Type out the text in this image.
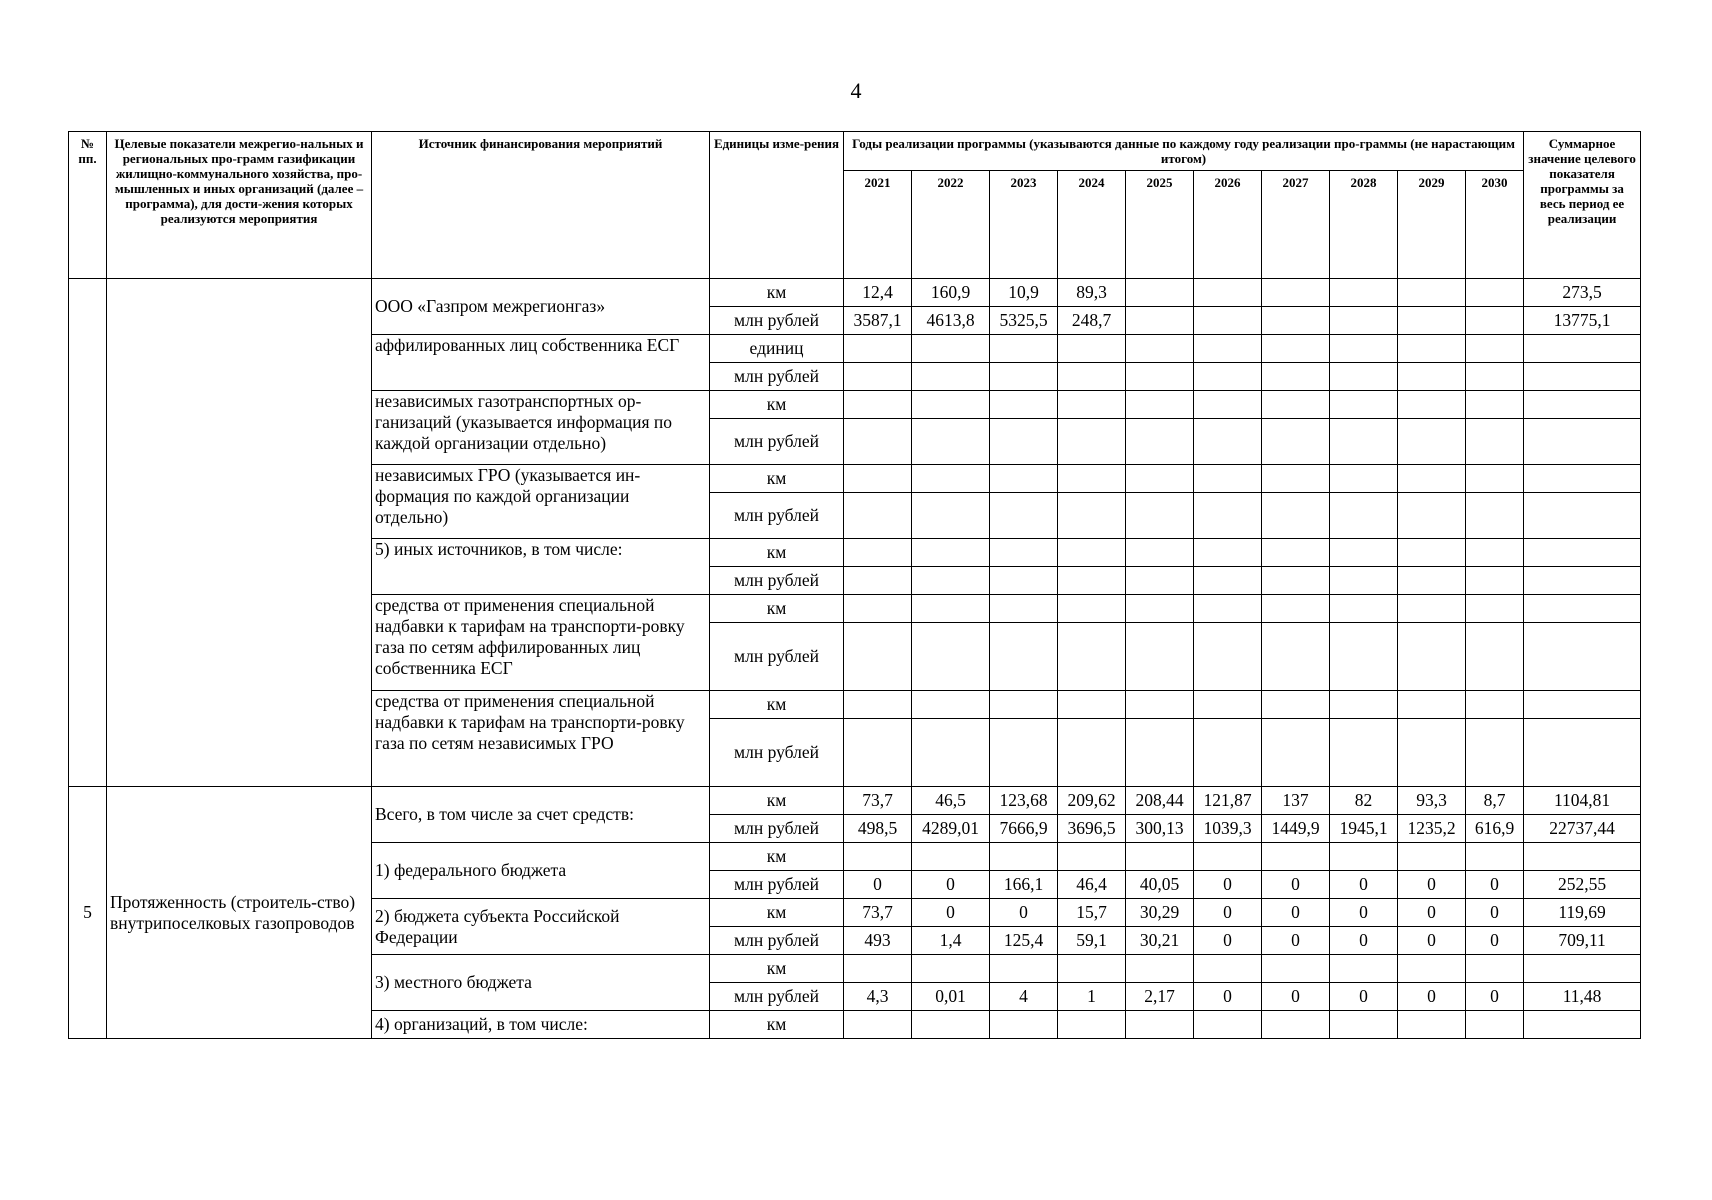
4
№ пп.	Целевые показатели межрегио-нальных и региональных про-грамм газификации жилищно-коммунального хозяйства, про-мышленных и иных организаций (далее – программа), для дости-жения которых реализуются мероприятия	Источник финансирования мероприятий	Единицы изме-рения	Годы реализации программы (указываются данные по каждому году реализации про-граммы (не нарастающим итогом)										Суммарное значение целевого показателя программы за весь период ее реализации
				2021	2022	2023	2024	2025	2026	2027	2028	2029	2030	
		ООО «Газпром межрегионгаз»	км	12,4	160,9	10,9	89,3							273,5
			млн рублей	3587,1	4613,8	5325,5	248,7							13775,1
		аффилированных лиц собственника ЕСГ	единиц											
			млн рублей											
		независимых газотранспортных ор-ганизаций (указывается информация по каждой организации отдельно)	км											
			млн рублей											
		независимых ГРО (указывается ин-формация по каждой организации отдельно)	км											
			млн рублей											
		5) иных источников, в том числе:	км											
			млн рублей											
		средства от применения специальной надбавки к тарифам на транспорти-ровку газа по сетям аффилированных лиц собственника ЕСГ	км											
			млн рублей											
		средства от применения специальной надбавки к тарифам на транспорти-ровку газа по сетям независимых ГРО	км											
			млн рублей											

5	Протяженность (строитель-ство) внутрипоселковых газопроводов	Всего, в том числе за счет средств:	км	73,7	46,5	123,68	209,62	208,44	121,87	137	82	93,3	8,7	1104,81
			млн рублей	498,5	4289,01	7666,9	3696,5	300,13	1039,3	1449,9	1945,1	1235,2	616,9	22737,44
		1) федерального бюджета	км											
			млн рублей	0	0	166,1	46,4	40,05	0	0	0	0	0	252,55
		2) бюджета субъекта Российской Федерации	км	73,7	0	0	15,7	30,29	0	0	0	0	0	119,69
			млн рублей	493	1,4	125,4	59,1	30,21	0	0	0	0	0	709,11
		3) местного бюджета	км											
			млн рублей	4,3	0,01	4	1	2,17	0	0	0	0	0	11,48
		4) организаций, в том числе:	км											
